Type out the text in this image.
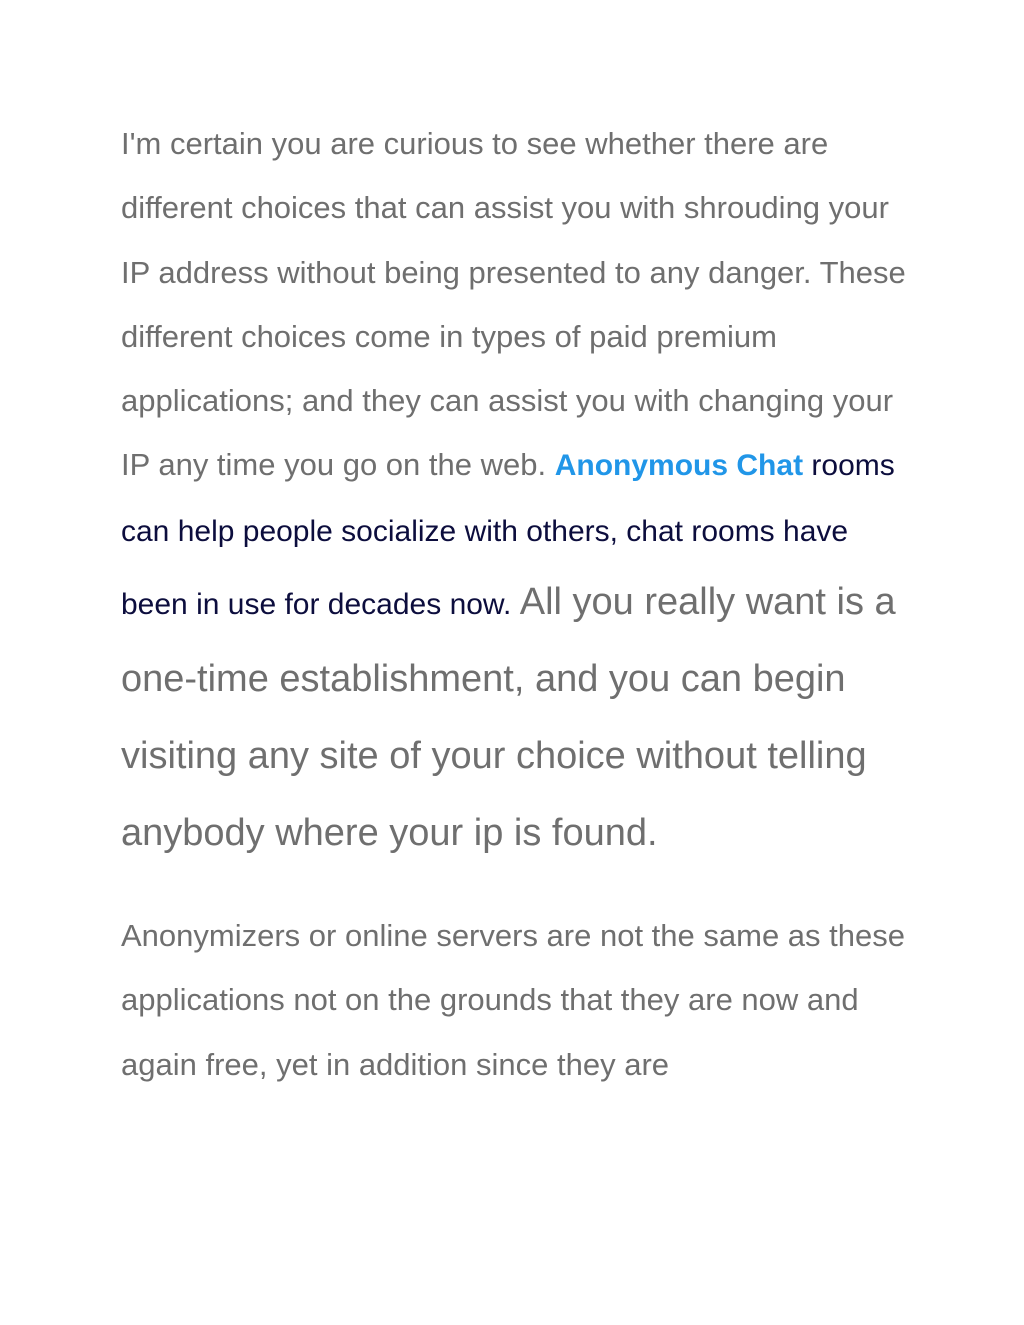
I'm certain you are curious to see whether there are different choices that can assist you with shrouding your IP address without being presented to any danger. These different choices come in types of paid premium applications; and they can assist you with changing your IP any time you go on the web. Anonymous Chat rooms can help people socialize with others, chat rooms have been in use for decades now. All you really want is a one-time establishment, and you can begin visiting any site of your choice without telling anybody where your ip is found.

Anonymizers or online servers are not the same as these applications not on the grounds that they are now and again free, yet in addition since they are
